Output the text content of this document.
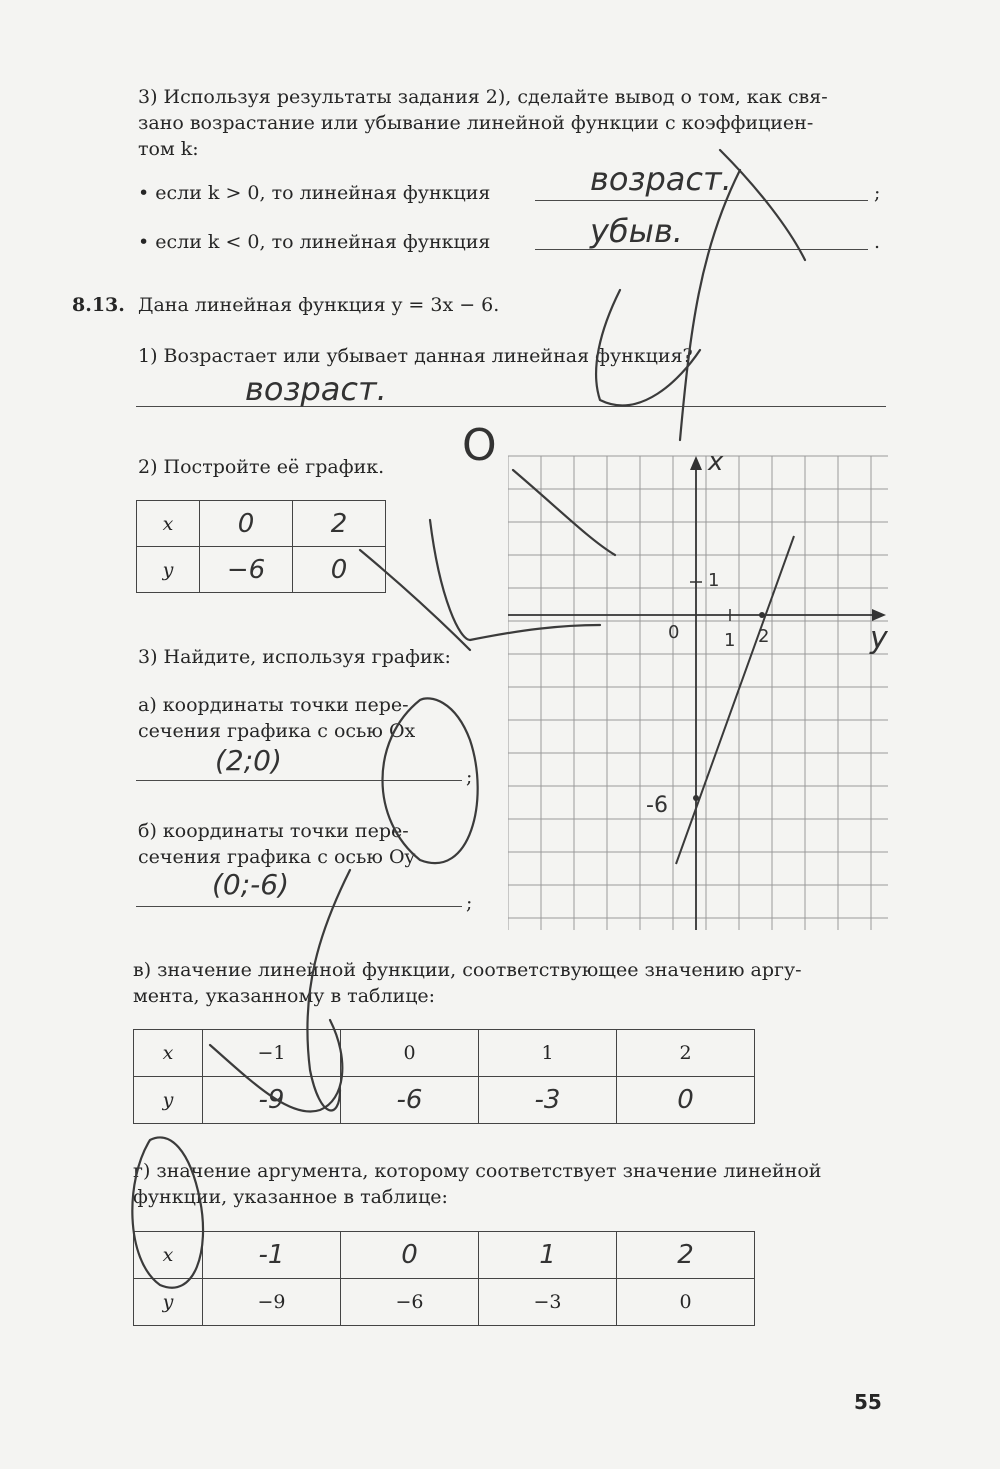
3) Используя результаты задания 2), сделайте вывод о том, как свя-
зано возрастание или убывание линейной функции с коэффициен-
том k:
• если k > 0, то линейная функция	;
возраст.
• если k < 0, то линейная функция	.
убыв.
8.13. Дана линейная функция y = 3x − 6.
1) Возрастает или убывает данная линейная функция?
возраст.
O
2) Постройте её график.
x	0	2
y	−6	0
3) Найдите, используя график:
а) координаты точки пере-
сечения графика с осью Ox
;
(2;0)
б) координаты точки пере-
сечения графика с осью Oy
;
(0;-6)
x
y
0
1
1 2
-6
в) значение линейной функции, соответствующее значению аргу-
мента, указанному в таблице:
x	−1	0	1	2
y	-9	-6	-3	0
г) значение аргумента, которому соответствует значение линейной
функции, указанное в таблице:
x	-1	0	1	2
y	−9	−6	−3	0
55
